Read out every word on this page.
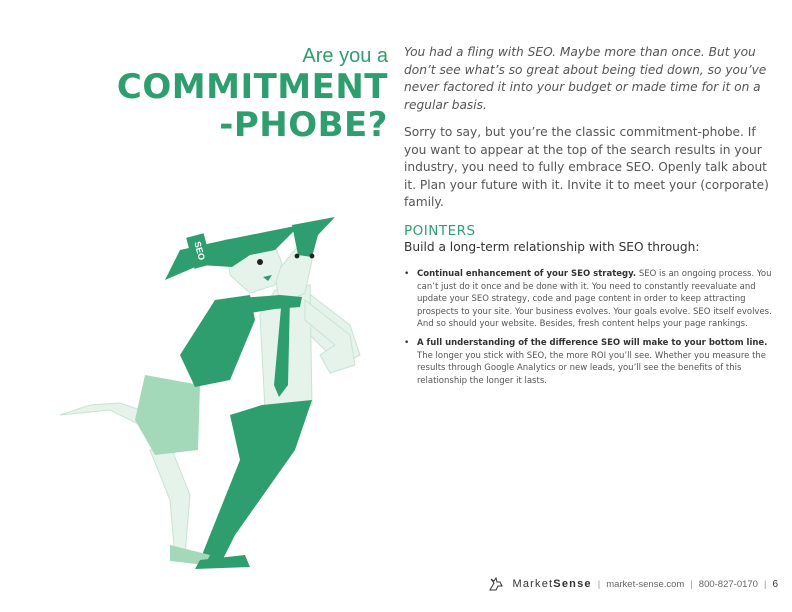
Are you a
COMMITMENT
-PHOBE?

You had a fling with SEO. Maybe more than once. But you don’t see what’s so great about being tied down, so you’ve never factored it into your budget or made time for it on a regular basis.

Sorry to say, but you’re the classic commitment-phobe. If you want to appear at the top of the search results in your industry, you need to fully embrace SEO. Openly talk about it. Plan your future with it. Invite it to meet your (corporate) family.

POINTERS
Build a long-term relationship with SEO through:
• Continual enhancement of your SEO strategy. SEO is an ongoing process. You can’t just do it once and be done with it. You need to constantly reevaluate and update your SEO strategy, code and page content in order to keep attracting prospects to your site. Your business evolves. Your goals evolve. SEO itself evolves. And so should your website. Besides, fresh content helps your page rankings.
• A full understanding of the difference SEO will make to your bottom line. The longer you stick with SEO, the more ROI you’ll see. Whether you measure the results through Google Analytics or new leads, you’ll see the benefits of this relationship the longer it lasts.
SEO
MarketSense | market-sense.com | 800-827-0170 | 6
